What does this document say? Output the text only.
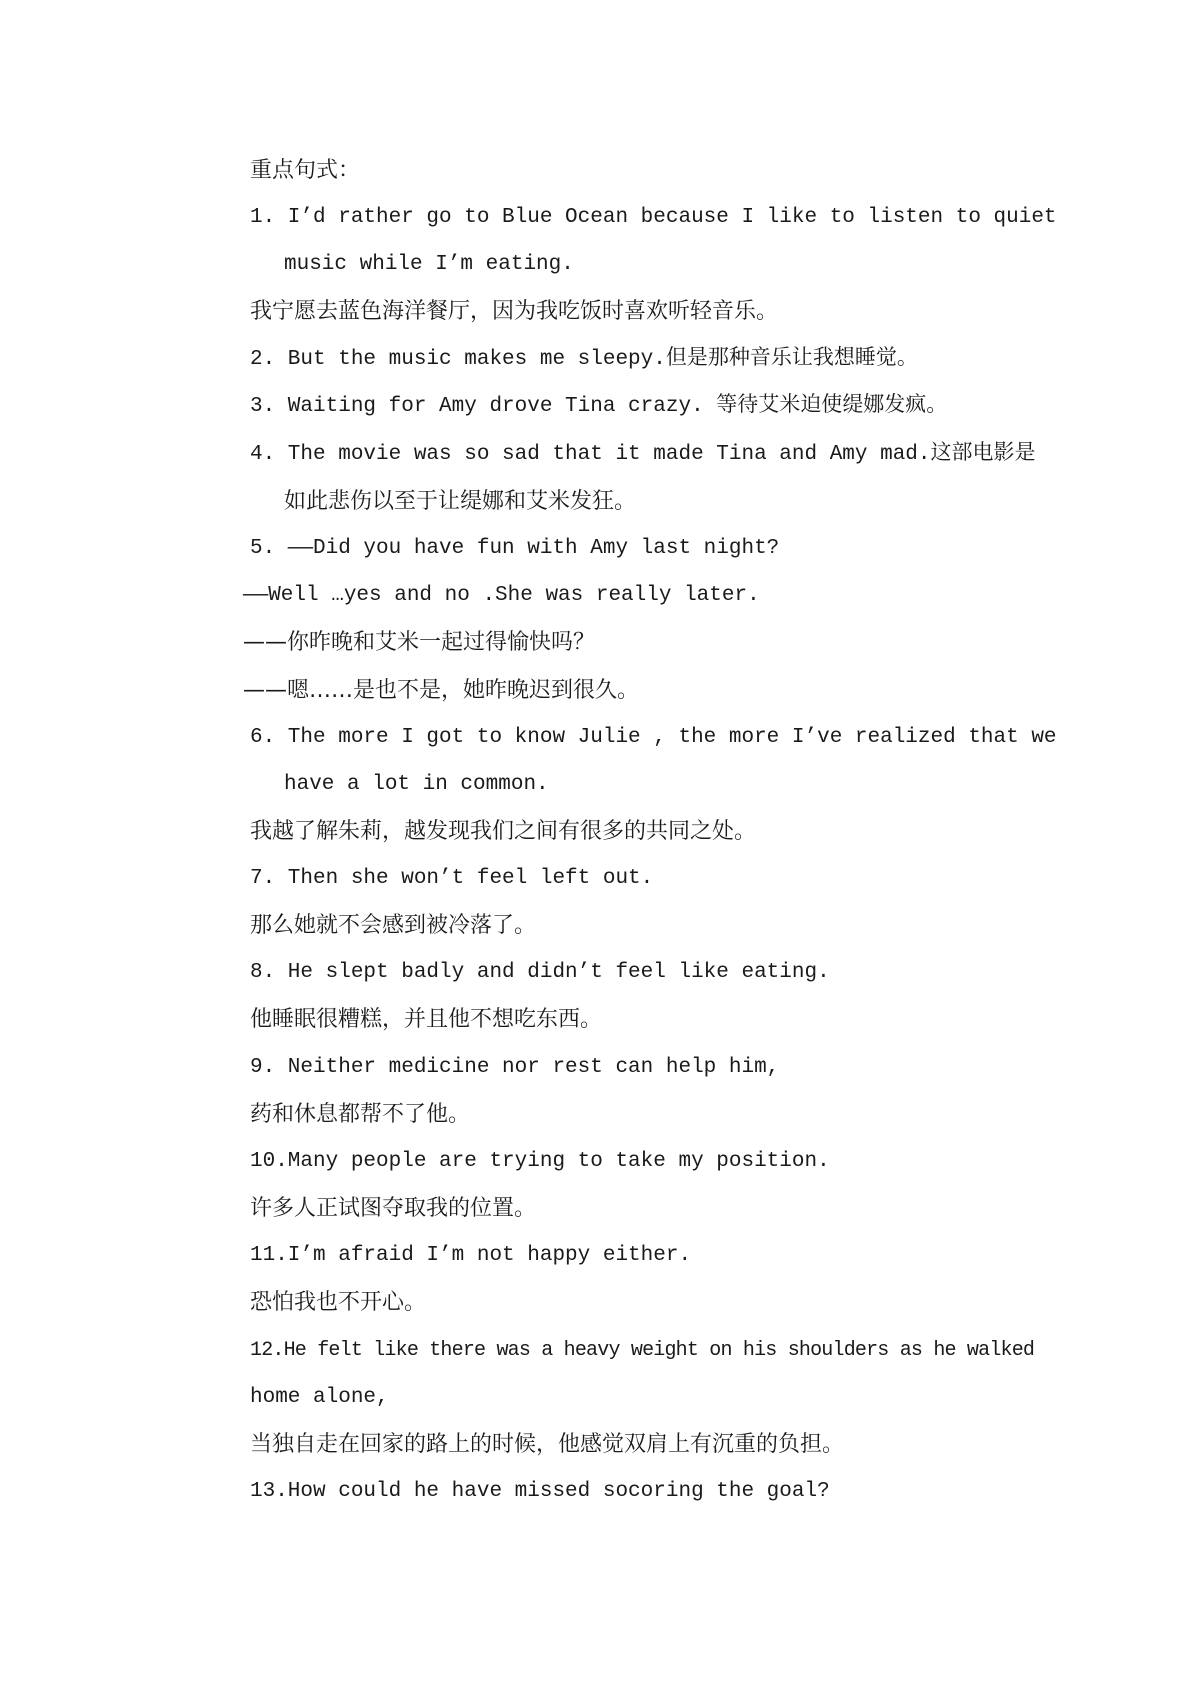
重点句式：
1. I’d rather go to Blue Ocean because I like to listen to quiet
music while I’m eating.
我宁愿去蓝色海洋餐厅，因为我吃饭时喜欢听轻音乐。
2. But the music makes me sleepy.但是那种音乐让我想睡觉。
3. Waiting for Amy drove Tina crazy. 等待艾米迫使缇娜发疯。
4. The movie was so sad that it made Tina and Amy mad.这部电影是
如此悲伤以至于让缇娜和艾米发狂。
5. ——Did you have fun with Amy last night?
——Well …yes and no .She was really later.
——你昨晚和艾米一起过得愉快吗？
——嗯……是也不是，她昨晚迟到很久。
6. The more I got to know Julie , the more I’ve realized that we
have a lot in common.
我越了解朱莉，越发现我们之间有很多的共同之处。
7. Then she won’t feel left out.
那么她就不会感到被冷落了。
8. He slept badly and didn’t feel like eating.
他睡眠很糟糕，并且他不想吃东西。
9. Neither medicine nor rest can help him,
药和休息都帮不了他。
10.Many people are trying to take my position.
许多人正试图夺取我的位置。
11.I’m afraid I’m not happy either.
恐怕我也不开心。
12.He felt like there was a heavy weight on his shoulders as he walked
home alone,
当独自走在回家的路上的时候，他感觉双肩上有沉重的负担。
13.How could he have missed socoring the goal?
